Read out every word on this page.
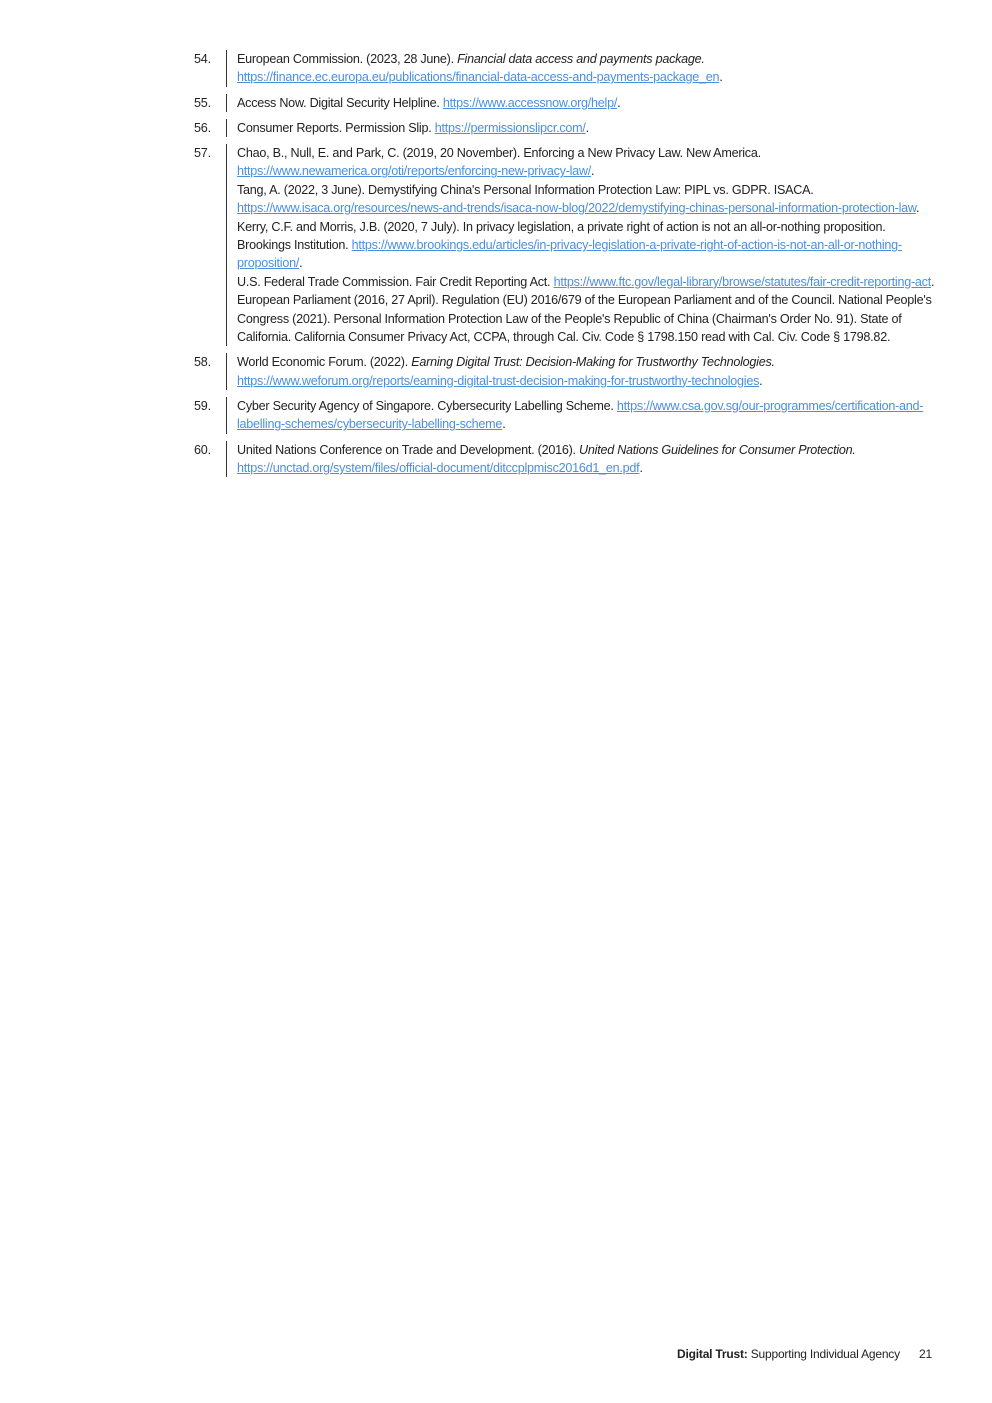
54.	European Commission. (2023, 28 June). Financial data access and payments package. https://finance.ec.europa.eu/publications/financial-data-access-and-payments-package_en.
55.	Access Now. Digital Security Helpline. https://www.accessnow.org/help/.
56.	Consumer Reports. Permission Slip. https://permissionslipcr.com/.
57.	Chao, B., Null, E. and Park, C. (2019, 20 November). Enforcing a New Privacy Law. New America. https://www.newamerica.org/oti/reports/enforcing-new-privacy-law/.
Tang, A. (2022, 3 June). Demystifying China's Personal Information Protection Law: PIPL vs. GDPR. ISACA. https://www.isaca.org/resources/news-and-trends/isaca-now-blog/2022/demystifying-chinas-personal-information-protection-law.
Kerry, C.F. and Morris, J.B. (2020, 7 July). In privacy legislation, a private right of action is not an all-or-nothing proposition. Brookings Institution. https://www.brookings.edu/articles/in-privacy-legislation-a-private-right-of-action-is-not-an-all-or-nothing-proposition/.
U.S. Federal Trade Commission. Fair Credit Reporting Act. https://www.ftc.gov/legal-library/browse/statutes/fair-credit-reporting-act.
European Parliament (2016, 27 April). Regulation (EU) 2016/679 of the European Parliament and of the Council. National People's Congress (2021). Personal Information Protection Law of the People's Republic of China (Chairman's Order No. 91). State of California. California Consumer Privacy Act, CCPA, through Cal. Civ. Code § 1798.150 read with Cal. Civ. Code § 1798.82.
58.	World Economic Forum. (2022). Earning Digital Trust: Decision-Making for Trustworthy Technologies. https://www.weforum.org/reports/earning-digital-trust-decision-making-for-trustworthy-technologies.
59.	Cyber Security Agency of Singapore. Cybersecurity Labelling Scheme. https://www.csa.gov.sg/our-programmes/certification-and-labelling-schemes/cybersecurity-labelling-scheme.
60.	United Nations Conference on Trade and Development. (2016). United Nations Guidelines for Consumer Protection. https://unctad.org/system/files/official-document/ditccplpmisc2016d1_en.pdf.
Digital Trust: Supporting Individual Agency 21
